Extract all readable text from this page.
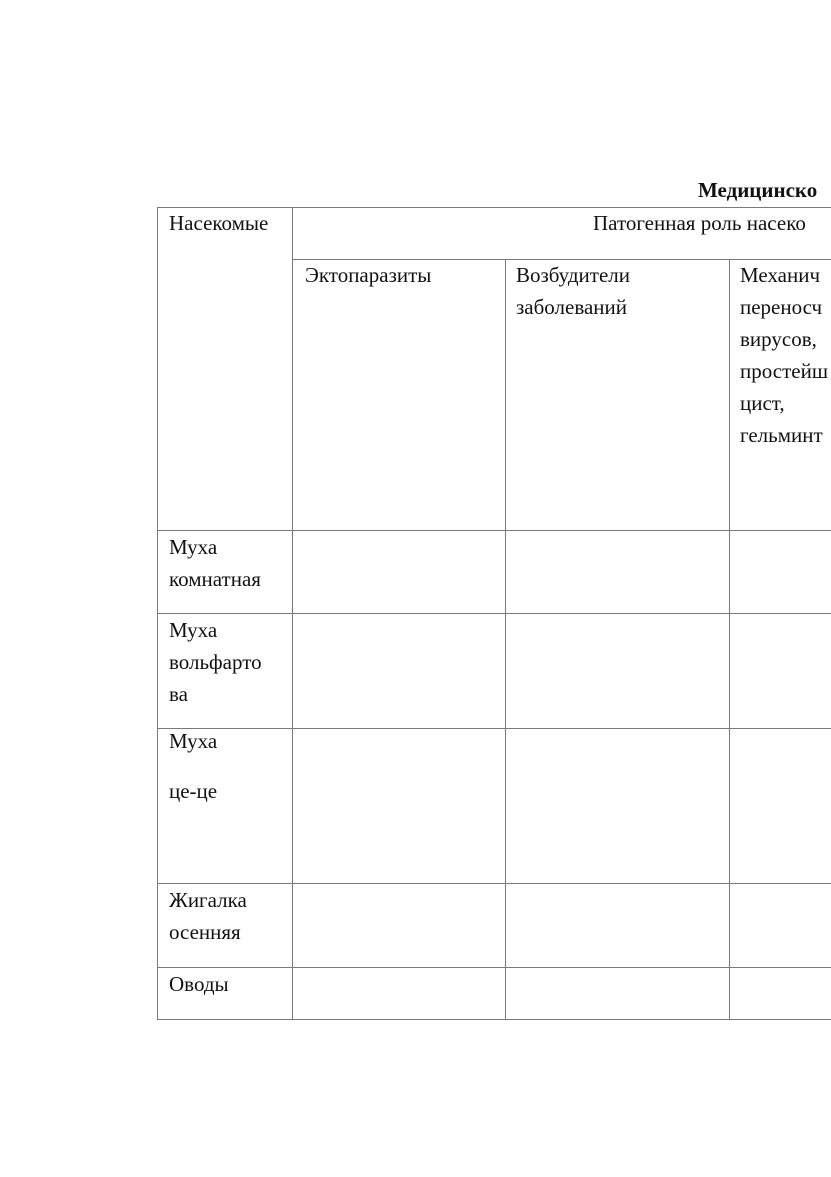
Медицинско
Насекомые	Патогенная роль насеко
Эктопаразиты	Возбудители
заболеваний
Механич
переносч
вирусов,
простейш
цист,
гельминт
Муха
комнатная
Муха
вольфарто
ва
Муха

це-це
Жигалка
осенняя
Оводы
